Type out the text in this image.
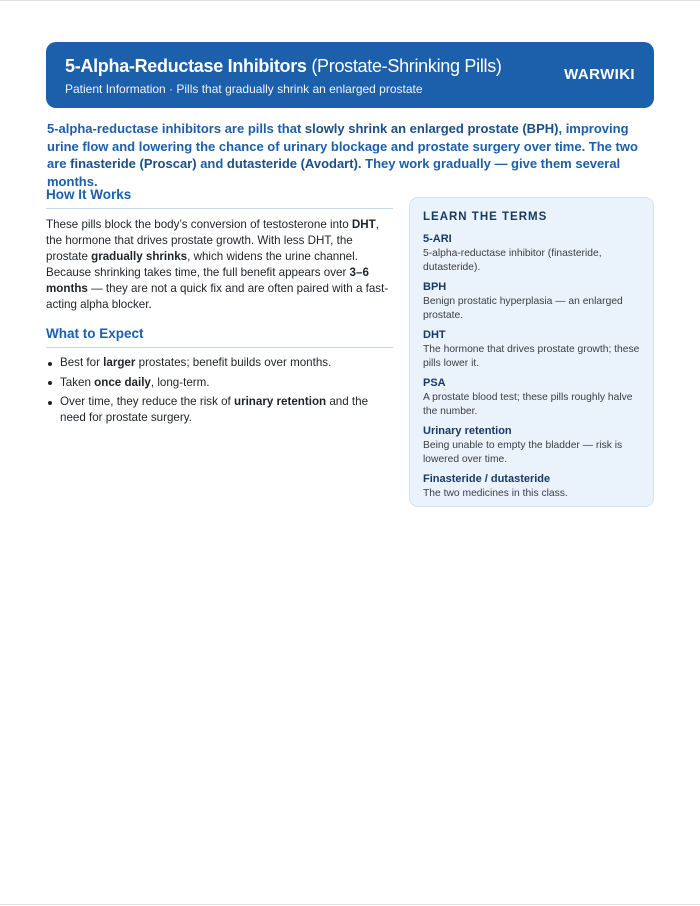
5-Alpha-Reductase Inhibitors (Prostate-Shrinking Pills)
Patient Information · Pills that gradually shrink an enlarged prostate
WARWIKI
5-alpha-reductase inhibitors are pills that slowly shrink an enlarged prostate (BPH), improving urine flow and lowering the chance of urinary blockage and prostate surgery over time. The two are finasteride (Proscar) and dutasteride (Avodart). They work gradually — give them several months.
How It Works

These pills block the body’s conversion of testosterone into DHT, the hormone that drives prostate growth. With less DHT, the prostate gradually shrinks, which widens the urine channel. Because shrinking takes time, the full benefit appears over 3–6 months — they are not a quick fix and are often paired with a fast-acting alpha blocker.

What to Expect
Best for larger prostates; benefit builds over months.
Taken once daily, long-term.
Over time, they reduce the risk of urinary retention and the need for prostate surgery.
LEARN THE TERMS
5-ARI
5-alpha-reductase inhibitor (finasteride, dutasteride).
BPH
Benign prostatic hyperplasia — an enlarged prostate.
DHT
The hormone that drives prostate growth; these pills lower it.
PSA
A prostate blood test; these pills roughly halve the number.
Urinary retention
Being unable to empty the bladder — risk is lowered over time.
Finasteride / dutasteride
The two medicines in this class.
